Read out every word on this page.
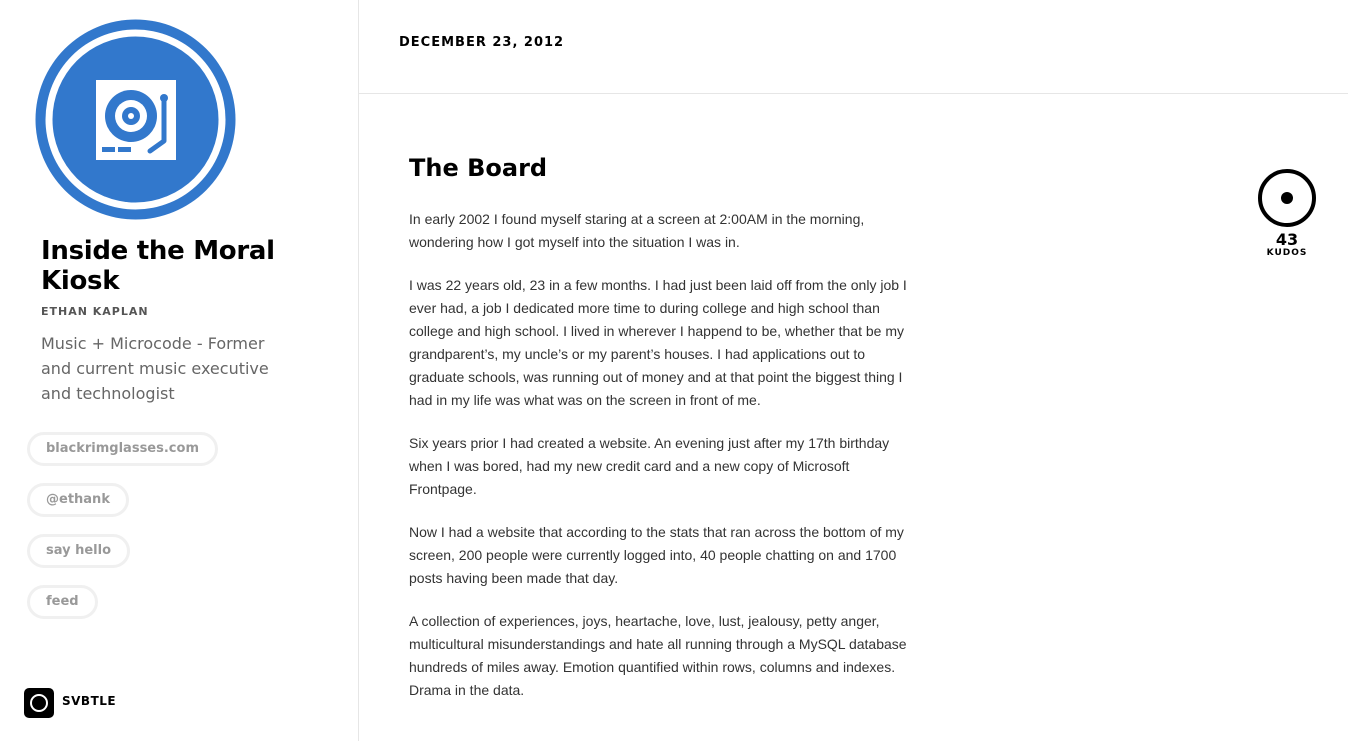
Inside the Moral Kiosk
ETHAN KAPLAN

Music + Microcode - Former and current music executive and technologist

blackrimglasses.com
@ethank
say hello
feed
SVBTLE
DECEMBER 23, 2012
The Board

In early 2002 I found myself staring at a screen at 2:00AM in the morning, wondering how I got myself into the situation I was in.

I was 22 years old, 23 in a few months. I had just been laid off from the only job I ever had, a job I dedicated more time to during college and high school than college and high school. I lived in wherever I happend to be, whether that be my grandparent’s, my uncle’s or my parent’s houses. I had applications out to graduate schools, was running out of money and at that point the biggest thing I had in my life was what was on the screen in front of me.

Six years prior I had created a website. An evening just after my 17th birthday when I was bored, had my new credit card and a new copy of Microsoft Frontpage.

Now I had a website that according to the stats that ran across the bottom of my screen, 200 people were currently logged into, 40 people chatting on and 1700 posts having been made that day.

A collection of experiences, joys, heartache, love, lust, jealousy, petty anger, multicultural misunderstandings and hate all running through a MySQL database hundreds of miles away. Emotion quantified within rows, columns and indexes. Drama in the data.

43
KUDOS
